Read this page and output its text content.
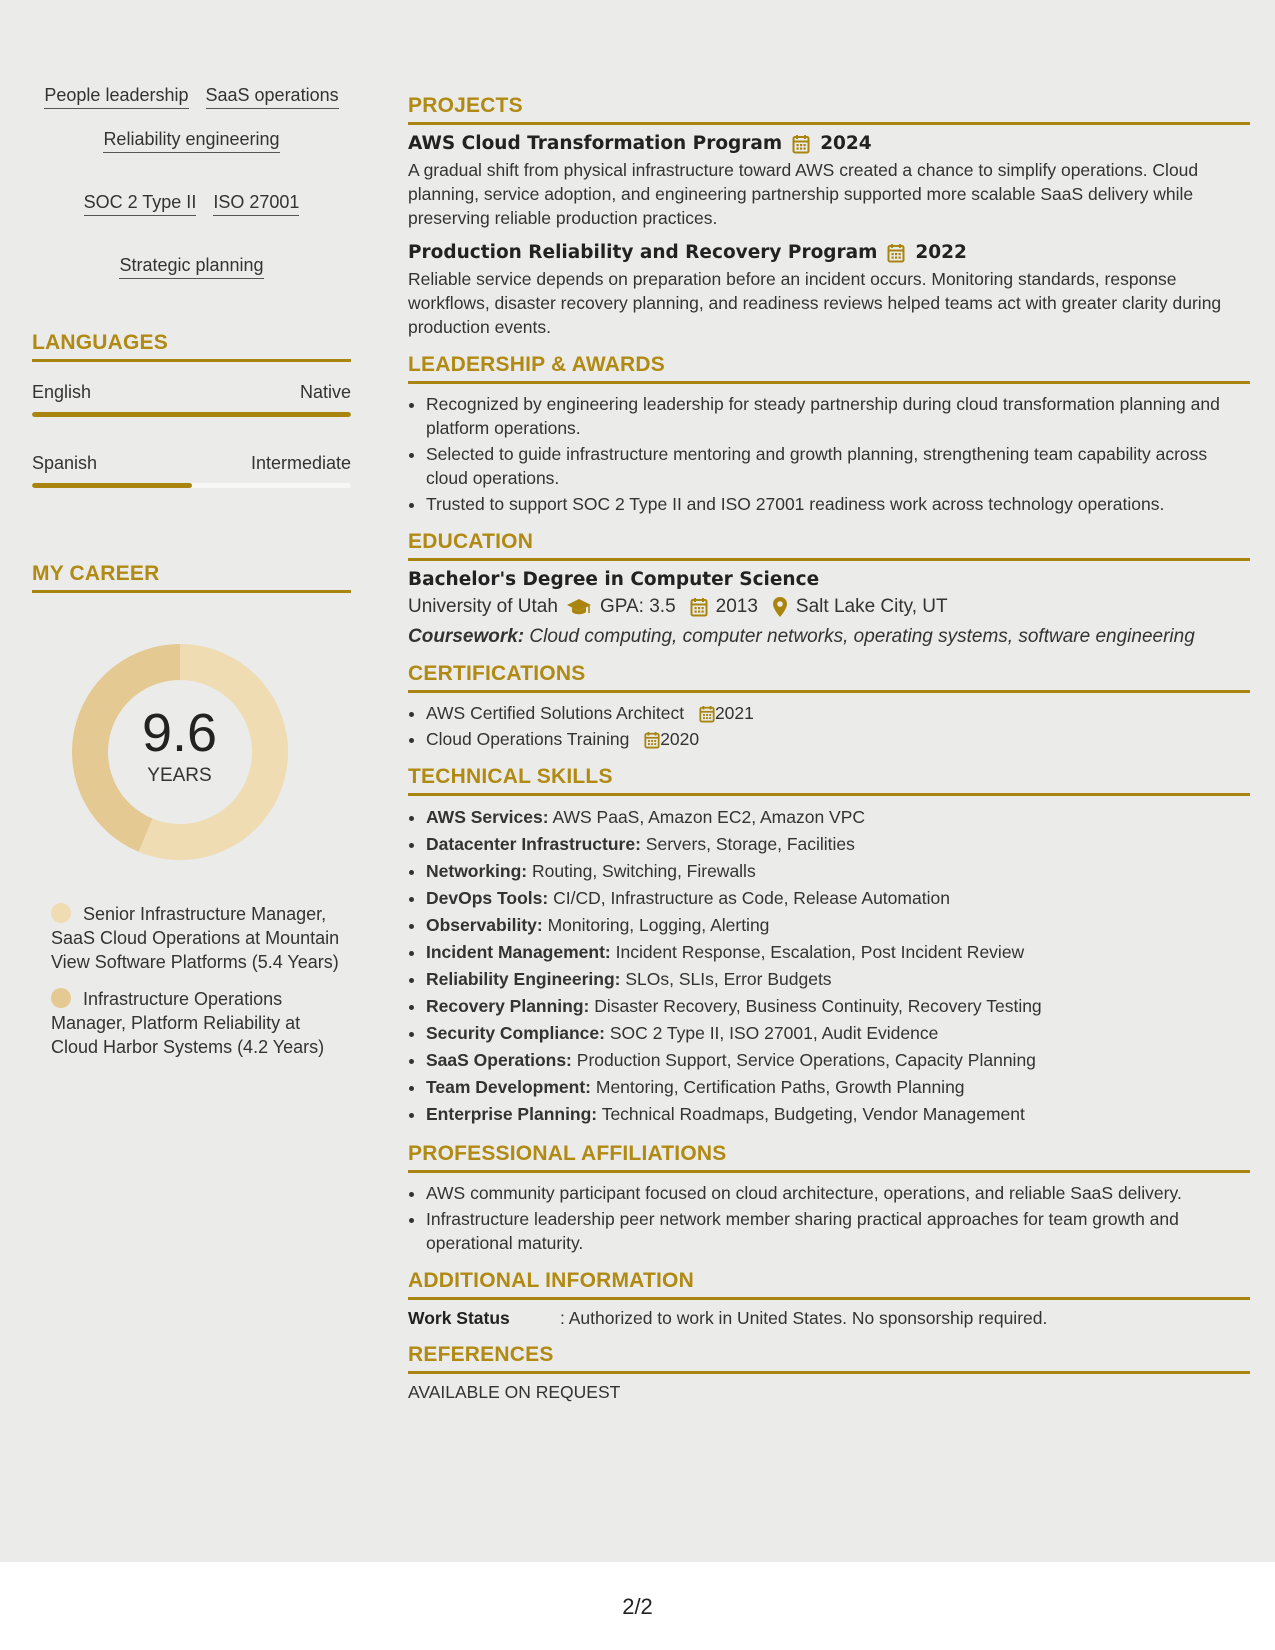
2/2
People leadership SaaS operations
Reliability engineering
SOC 2 Type II ISO 27001
Strategic planning
LANGUAGES
English	Native
Spanish	Intermediate
MY CAREER
9.6
YEARS
Senior Infrastructure Manager, SaaS Cloud Operations at Mountain View Software Platforms (5.4 Years)
Infrastructure Operations Manager, Platform Reliability at Cloud Harbor Systems (4.2 Years)
PROJECTS
AWS Cloud Transformation Program 2024
A gradual shift from physical infrastructure toward AWS created a chance to simplify operations. Cloud planning, service adoption, and engineering partnership supported more scalable SaaS delivery while preserving reliable production practices.
Production Reliability and Recovery Program 2022
Reliable service depends on preparation before an incident occurs. Monitoring standards, response workflows, disaster recovery planning, and readiness reviews helped teams act with greater clarity during production events.
LEADERSHIP & AWARDS
• Recognized by engineering leadership for steady partnership during cloud transformation planning and platform operations.
• Selected to guide infrastructure mentoring and growth planning, strengthening team capability across cloud operations.
• Trusted to support SOC 2 Type II and ISO 27001 readiness work across technology operations.
EDUCATION
Bachelor's Degree in Computer Science
University of Utah GPA: 3.5 2013 Salt Lake City, UT
Coursework: Cloud computing, computer networks, operating systems, software engineering
CERTIFICATIONS
• AWS Certified Solutions Architect 2021
• Cloud Operations Training 2020
TECHNICAL SKILLS
• AWS Services: AWS PaaS, Amazon EC2, Amazon VPC
• Datacenter Infrastructure: Servers, Storage, Facilities
• Networking: Routing, Switching, Firewalls
• DevOps Tools: CI/CD, Infrastructure as Code, Release Automation
• Observability: Monitoring, Logging, Alerting
• Incident Management: Incident Response, Escalation, Post Incident Review
• Reliability Engineering: SLOs, SLIs, Error Budgets
• Recovery Planning: Disaster Recovery, Business Continuity, Recovery Testing
• Security Compliance: SOC 2 Type II, ISO 27001, Audit Evidence
• SaaS Operations: Production Support, Service Operations, Capacity Planning
• Team Development: Mentoring, Certification Paths, Growth Planning
• Enterprise Planning: Technical Roadmaps, Budgeting, Vendor Management
PROFESSIONAL AFFILIATIONS
• AWS community participant focused on cloud architecture, operations, and reliable SaaS delivery.
• Infrastructure leadership peer network member sharing practical approaches for team growth and operational maturity.
ADDITIONAL INFORMATION
Work Status	: Authorized to work in United States. No sponsorship required.
REFERENCES
AVAILABLE ON REQUEST
